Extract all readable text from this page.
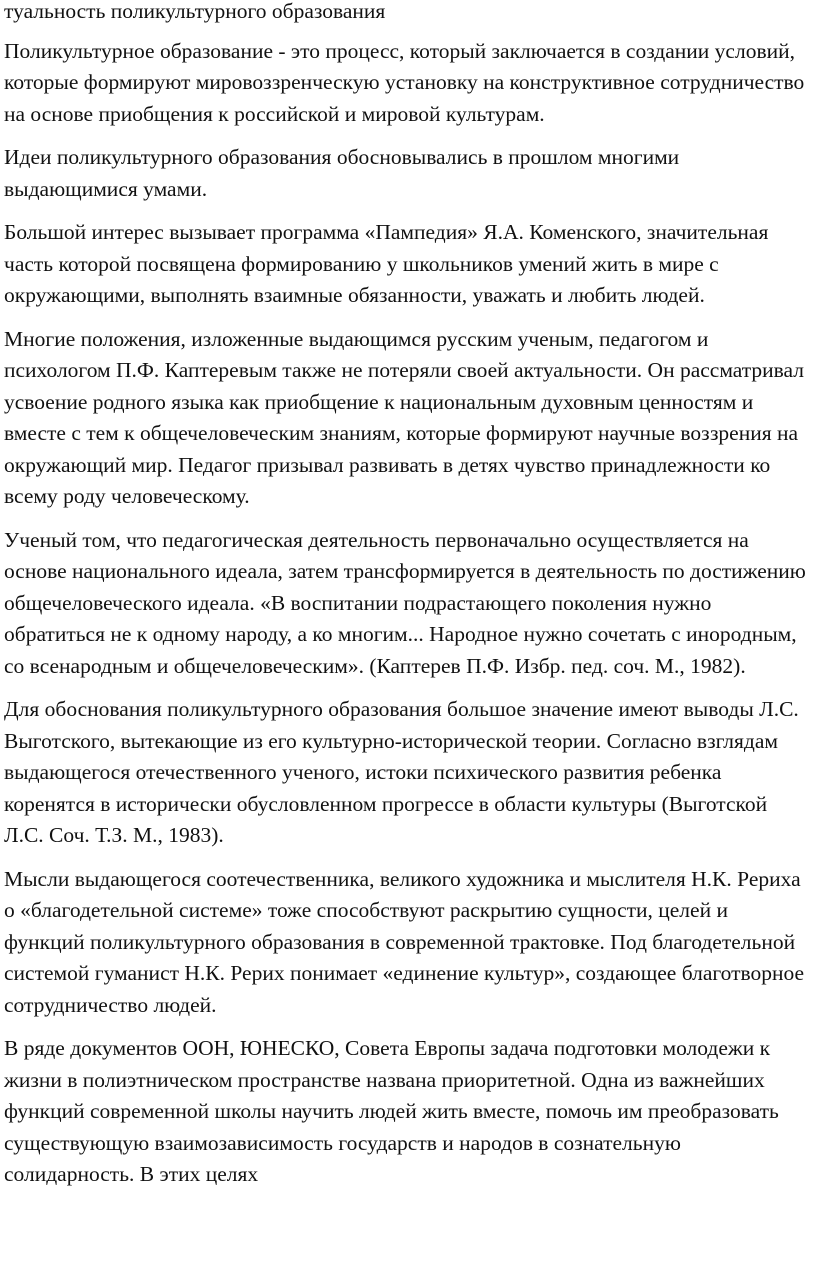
туальность поликультурного образования

Поликультурное образование - это процесс, который заключается в создании условий, которые формируют мировоззренческую установку на конструктивное сотрудничество на основе приобщения к российской и мировой культурам.

Идеи поликультурного образования обосновывались в прошлом многими выдающимися умами.

Большой интерес вызывает программа «Пампедия» Я.А. Коменского, значительная часть которой посвящена формированию у школьников умений жить в мире с окружающими, выполнять взаимные обязанности, уважать и любить людей.

Многие положения, изложенные выдающимся русским ученым, педагогом и психологом П.Ф. Каптеревым также не потеряли своей актуальности. Он рассматривал усвоение родного языка как приобщение к национальным духовным ценностям и вместе с тем к общечеловеческим знаниям, которые формируют научные воззрения на окружающий мир. Педагог призывал развивать в детях чувство принадлежности ко всему роду человеческому.

Ученый том, что педагогическая деятельность первоначально осуществляется на основе национального идеала, затем трансформируется в деятельность по достижению общечеловеческого идеала. «В воспитании подрастающего поколения нужно обратиться не к одному народу, а ко многим... Народное нужно сочетать с инородным, со всенародным и общечеловеческим». (Каптерев П.Ф. Избр. пед. соч. М., 1982).

Для обоснования поликультурного образования большое значение имеют выводы Л.С. Выготского, вытекающие из его культурно-исторической теории. Согласно взглядам выдающегося отечественного ученого, истоки психического развития ребенка коренятся в исторически обусловленном прогрессе в области культуры (Выготской Л.С. Соч. Т.З. М., 1983).

Мысли выдающегося соотечественника, великого художника и мыслителя Н.К. Рериха о «благодетельной системе» тоже способствуют раскрытию сущности, целей и функций поликультурного образования в современной трактовке. Под благодетельной системой гуманист Н.К. Рерих понимает «единение культур», создающее благотворное сотрудничество людей.

В ряде документов ООН, ЮНЕСКО, Совета Европы задача подготовки молодежи к жизни в полиэтническом пространстве названа приоритетной. Одна из важнейших функций современной школы научить людей жить вместе, помочь им преобразовать существующую взаимозависимость государств и народов в сознательную солидарность. В этих целях
